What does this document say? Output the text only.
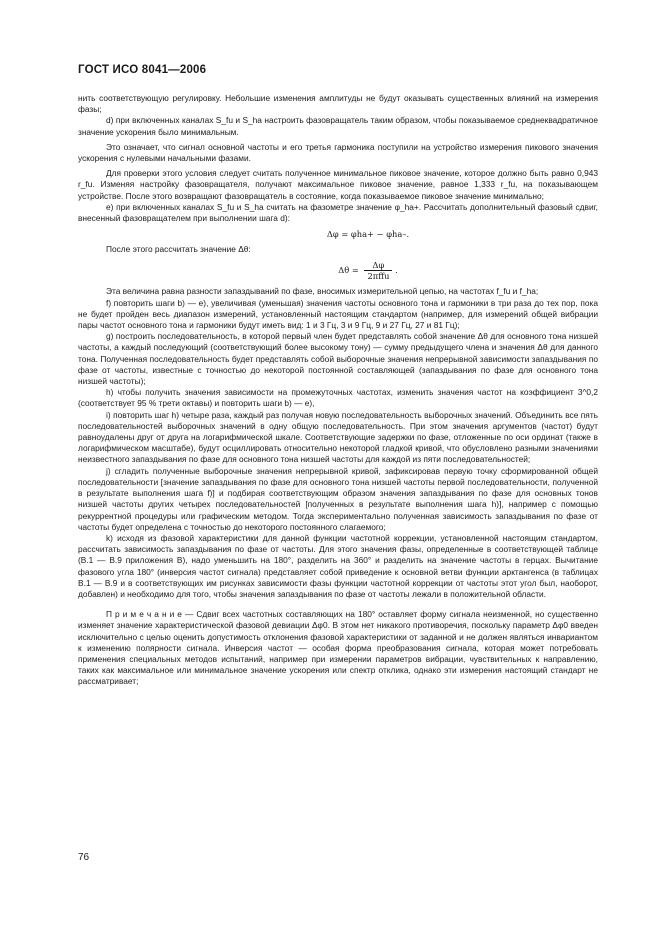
ГОСТ ИСО 8041—2006

нить соответствующую регулировку. Небольшие изменения амплитуды не будут оказывать существенных влияний на измерения фазы;

d) при включенных каналах S_fu и S_ha настроить фазовращатель таким образом, чтобы показываемое среднеквадратичное значение ускорения было минимальным.

Это означает, что сигнал основной частоты и его третья гармоника поступили на устройство измерения пикового значения ускорения с нулевыми начальными фазами.

Для проверки этого условия следует считать полученное минимальное пиковое значение, которое должно быть равно 0,943 r_fu. Изменяя настройку фазовращателя, получают максимальное пиковое значение, равное 1,333 r_fu, на показывающем устройстве. После этого возвращают фазовращатель в состояние, когда показываемое пиковое значение минимально;

e) при включенных каналах S_fu и S_ha считать на фазометре значение φ_ha+. Рассчитать дополнительный фазовый сдвиг, внесенный фазовращателем при выполнении шага d):

Δφ = φha+ − φha–.

После этого рассчитать значение Δθ:

$\Delta\theta = \frac{\Delta\varphi}{\text{2πffu}}$ .

Эта величина равна разности запаздываний по фазе, вносимых измерительной цепью, на частотах f_fu и f_ha;

f) повторить шаги b) — e), увеличивая (уменьшая) значения частоты основного тона и гармоники в три раза до тех пор, пока не будет пройден весь диапазон измерений, установленный настоящим стандартом (например, для измерений общей вибрации пары частот основного тона и гармоники будут иметь вид: 1 и 3 Гц, 3 и 9 Гц, 9 и 27 Гц, 27 и 81 Гц);

g) построить последовательность, в которой первый член будет представлять собой значение Δθ для основного тона низшей частоты, а каждый последующий (соответствующий более высокому тону) — сумму предыдущего члена и значения Δθ для данного тона. Полученная последовательность будет представлять собой выборочные значения непрерывной зависимости запаздывания по фазе от частоты, известные с точностью до некоторой постоянной составляющей (запаздывания по фазе для основного тона низшей частоты);

h) чтобы получить значения зависимости на промежуточных частотах, изменить значения частот на коэффициент 3^0,2 (соответствует 95 % трети октавы) и повторить шаги b) — e),

i) повторить шаг h) четыре раза, каждый раз получая новую последовательность выборочных значений. Объединить все пять последовательностей выборочных значений в одну общую последовательность. При этом значения аргументов (частот) будут равноудалены друг от друга на логарифмической шкале. Соответствующие задержки по фазе, отложенные по оси ординат (также в логарифмическом масштабе), будут осциллировать относительно некоторой гладкой кривой, что обусловлено разными значениями неизвестного запаздывания по фазе для основного тона низшей частоты для каждой из пяти последовательностей;

j) сгладить полученные выборочные значения непрерывной кривой, зафиксировав первую точку сформированной общей последовательности [значение запаздывания по фазе для основного тона низшей частоты первой последовательности, полученной в результате выполнения шага f)] и подбирая соответствующим образом значения запаздывания по фазе для основных тонов низшей частоты других четырех последовательностей [полученных в результате выполнения шага h)], например с помощью рекуррентной процедуры или графическим методом. Тогда экспериментально полученная зависимость запаздывания по фазе от частоты будет определена с точностью до некоторого постоянного слагаемого;

k) исходя из фазовой характеристики для данной функции частотной коррекции, установленной настоящим стандартом, рассчитать зависимость запаздывания по фазе от частоты. Для этого значения фазы, определенные в соответствующей таблице (B.1 — B.9 приложения B), надо уменьшить на 180°, разделить на 360° и разделить на значение частоты в герцах. Вычитание фазового угла 180° (инверсия частот сигнала) представляет собой приведение к основной ветви функции арктангенса (в таблицах B.1 — B.9 и в соответствующих им рисунках зависимости фазы функции частотной коррекции от частоты этот угол был, наоборот, добавлен) и необходимо для того, чтобы значения запаздывания по фазе от частоты лежали в положительной области.

П р и м е ч а н и е — Сдвиг всех частотных составляющих на 180° оставляет форму сигнала неизменной, но существенно изменяет значение характеристической фазовой девиации Δφ0. В этом нет никакого противоречия, поскольку параметр Δφ0 введен исключительно с целью оценить допустимость отклонения фазовой характеристики от заданной и не должен являться инвариантом к изменению полярности сигнала. Инверсия частот — особая форма преобразования сигнала, которая может потребовать применения специальных методов испытаний, например при измерении параметров вибрации, чувствительных к направлению, таких как максимальное или минимальное значение ускорения или спектр отклика, однако эти измерения настоящий стандарт не рассматривает;

76
